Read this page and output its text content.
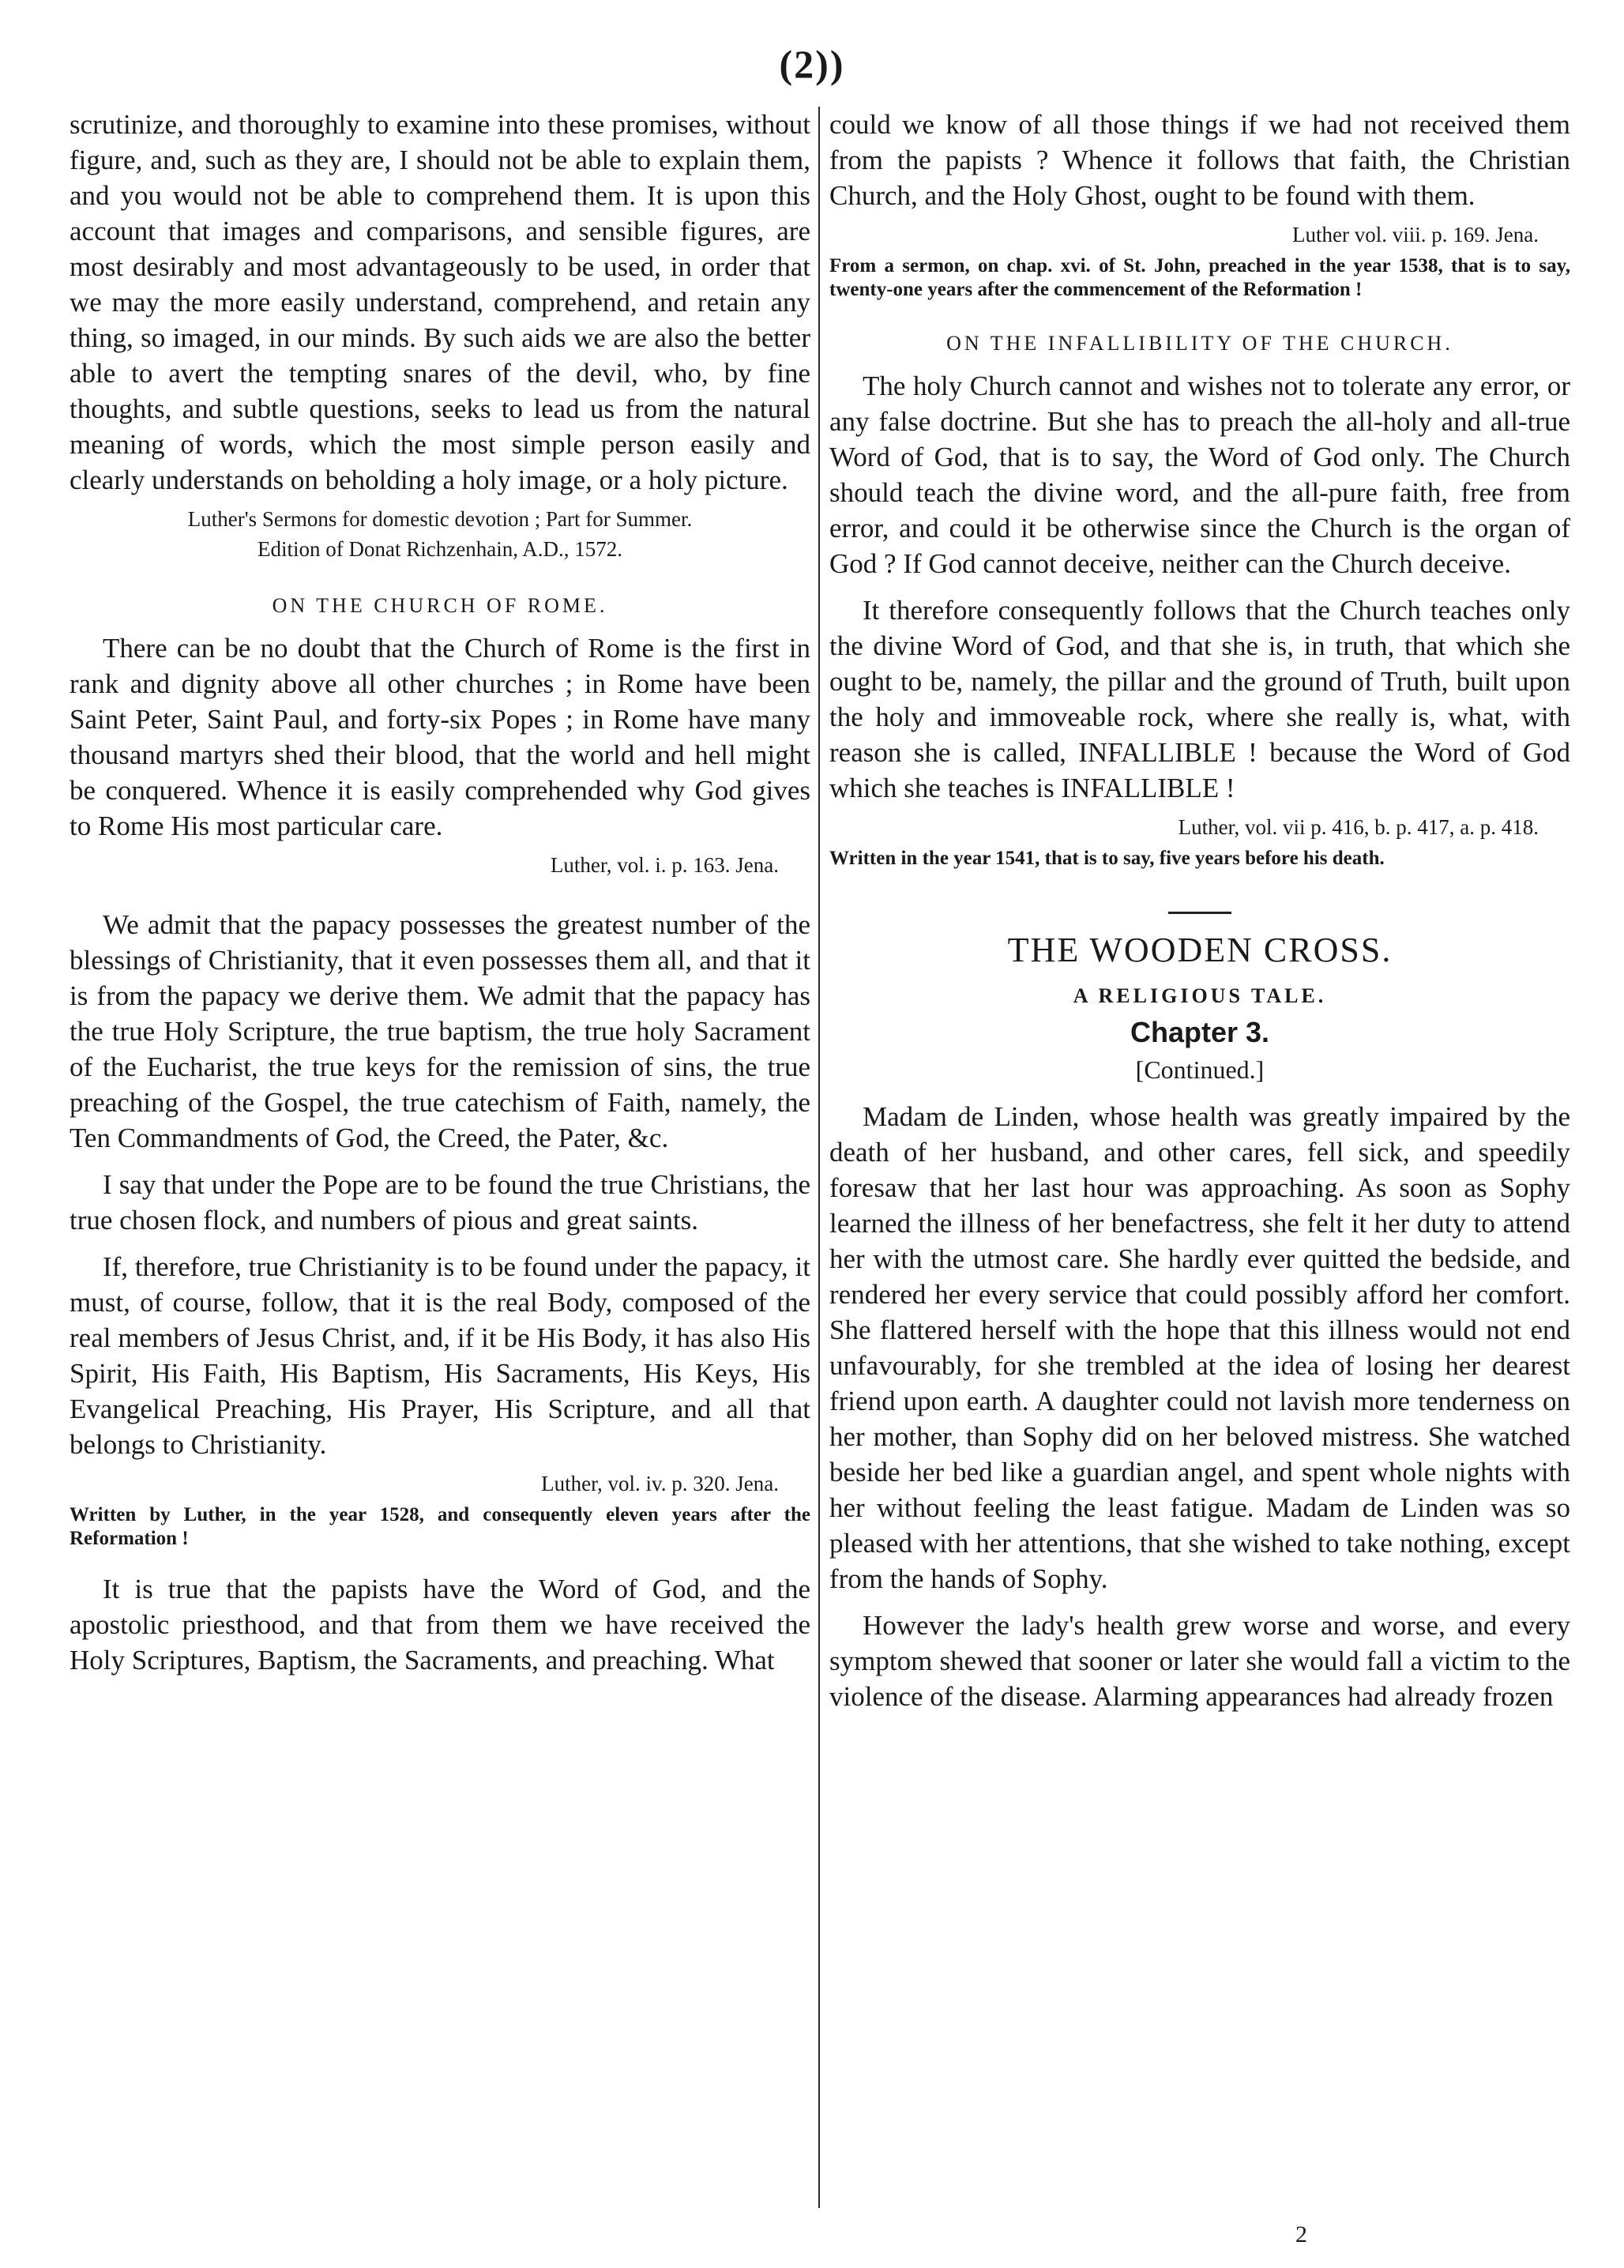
(2))

scrutinize, and thoroughly to examine into these promises, without figure, and, such as they are, I should not be able to explain them, and you would not be able to comprehend them. It is upon this account that images and comparisons, and sensible figures, are most desirably and most advantageously to be used, in order that we may the more easily understand, comprehend, and retain any thing, so imaged, in our minds. By such aids we are also the better able to avert the tempting snares of the devil, who, by fine thoughts, and subtle questions, seeks to lead us from the natural meaning of words, which the most simple person easily and clearly understands on beholding a holy image, or a holy picture.

Luther's Sermons for domestic devotion ; Part for Summer.

Edition of Donat Richzenhain, A.D., 1572.

ON THE CHURCH OF ROME.

There can be no doubt that the Church of Rome is the first in rank and dignity above all other churches ; in Rome have been Saint Peter, Saint Paul, and forty-six Popes ; in Rome have many thousand martyrs shed their blood, that the world and hell might be conquered. Whence it is easily comprehended why God gives to Rome His most particular care.

Luther, vol. i. p. 163. Jena.

We admit that the papacy possesses the greatest number of the blessings of Christianity, that it even possesses them all, and that it is from the papacy we derive them. We admit that the papacy has the true Holy Scripture, the true baptism, the true holy Sacrament of the Eucharist, the true keys for the remission of sins, the true preaching of the Gospel, the true catechism of Faith, namely, the Ten Commandments of God, the Creed, the Pater, &c.

I say that under the Pope are to be found the true Christians, the true chosen flock, and numbers of pious and great saints.

If, therefore, true Christianity is to be found under the papacy, it must, of course, follow, that it is the real Body, composed of the real members of Jesus Christ, and, if it be His Body, it has also His Spirit, His Faith, His Baptism, His Sacraments, His Keys, His Evangelical Preaching, His Prayer, His Scripture, and all that belongs to Christianity.

Luther, vol. iv. p. 320. Jena.

Written by Luther, in the year 1528, and consequently eleven years after the Reformation !

It is true that the papists have the Word of God, and the apostolic priesthood, and that from them we have received the Holy Scriptures, Baptism, the Sacraments, and preaching. What

could we know of all those things if we had not received them from the papists ? Whence it follows that faith, the Christian Church, and the Holy Ghost, ought to be found with them.

Luther vol. viii. p. 169. Jena.

From a sermon, on chap. xvi. of St. John, preached in the year 1538, that is to say, twenty-one years after the commencement of the Reformation !

ON THE INFALLIBILITY OF THE CHURCH.

The holy Church cannot and wishes not to tolerate any error, or any false doctrine. But she has to preach the all-holy and all-true Word of God, that is to say, the Word of God only. The Church should teach the divine word, and the all-pure faith, free from error, and could it be otherwise since the Church is the organ of God ? If God cannot deceive, neither can the Church deceive.

It therefore consequently follows that the Church teaches only the divine Word of God, and that she is, in truth, that which she ought to be, namely, the pillar and the ground of Truth, built upon the holy and immoveable rock, where she really is, what, with reason she is called, INFALLIBLE ! because the Word of God which she teaches is INFALLIBLE !

Luther, vol. vii p. 416, b. p. 417, a. p. 418.

Written in the year 1541, that is to say, five years before his death.

THE WOODEN CROSS.
A RELIGIOUS TALE.
Chapter 3.
[Continued.]

Madam de Linden, whose health was greatly impaired by the death of her husband, and other cares, fell sick, and speedily foresaw that her last hour was approaching. As soon as Sophy learned the illness of her benefactress, she felt it her duty to attend her with the utmost care. She hardly ever quitted the bedside, and rendered her every service that could possibly afford her comfort. She flattered herself with the hope that this illness would not end unfavourably, for she trembled at the idea of losing her dearest friend upon earth. A daughter could not lavish more tenderness on her mother, than Sophy did on her beloved mistress. She watched beside her bed like a guardian angel, and spent whole nights with her without feeling the least fatigue. Madam de Linden was so pleased with her attentions, that she wished to take nothing, except from the hands of Sophy.

However the lady's health grew worse and worse, and every symptom shewed that sooner or later she would fall a victim to the violence of the disease. Alarming appearances had already frozen

2
